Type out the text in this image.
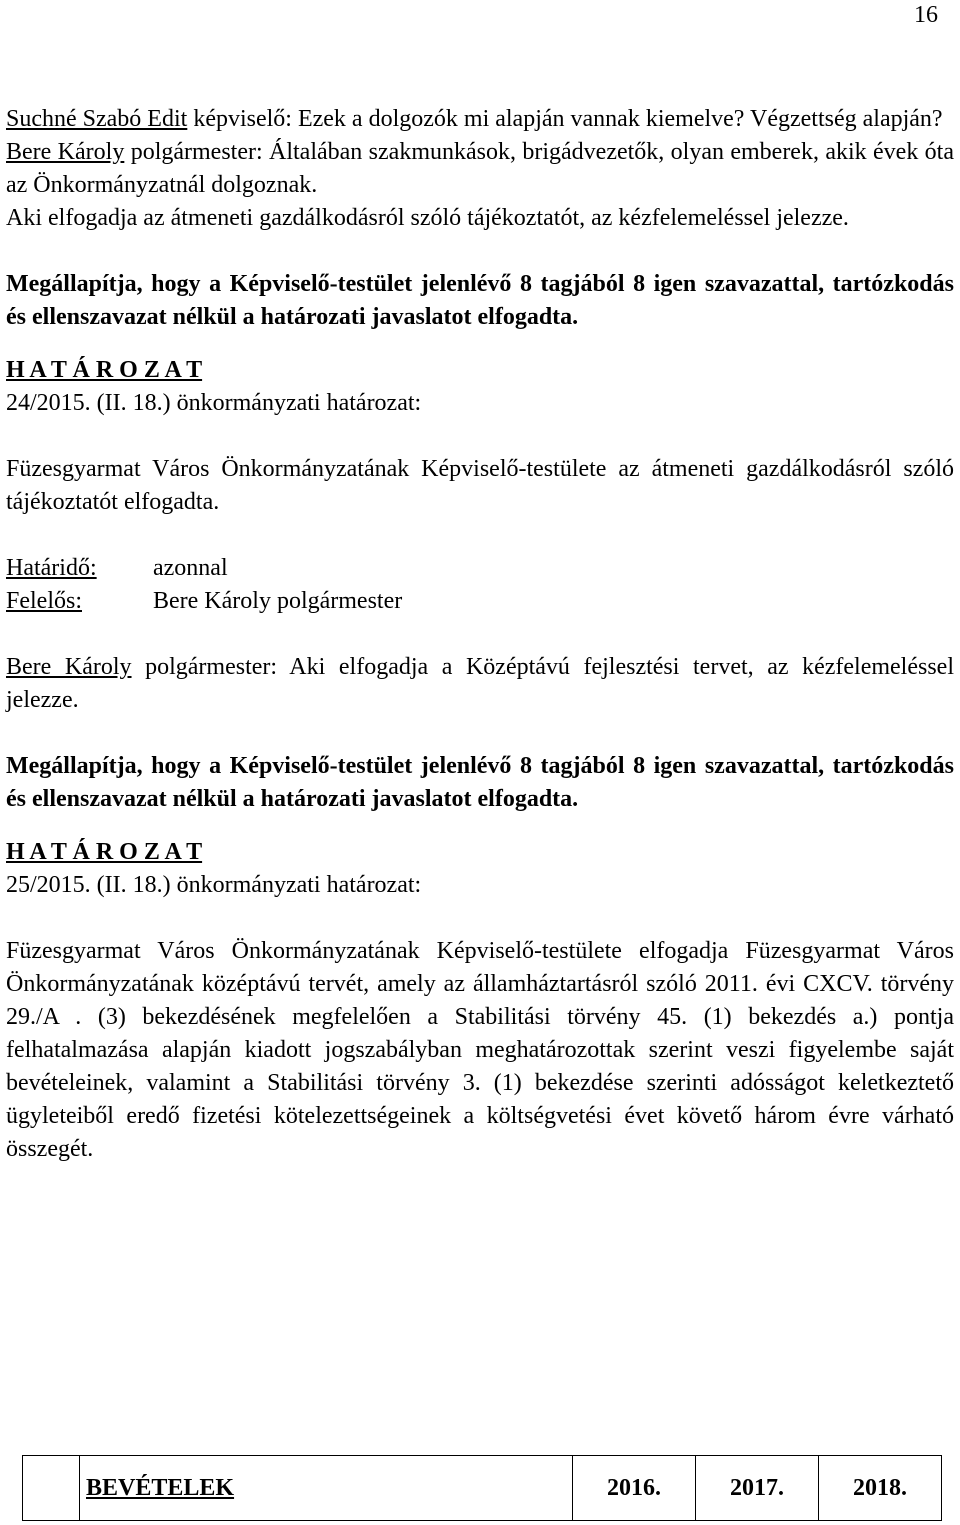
16

Suchné Szabó Edit képviselő: Ezek a dolgozók mi alapján vannak kiemelve? Végzettség alapján?

Bere Károly polgármester: Általában szakmunkások, brigádvezetők, olyan emberek, akik évek óta az Önkormányzatnál dolgoznak.

Aki elfogadja az átmeneti gazdálkodásról szóló tájékoztatót, az kézfelemeléssel jelezze.

Megállapítja, hogy a Képviselő-testület jelenlévő 8 tagjából 8 igen szavazattal, tartózkodás és ellenszavazat nélkül a határozati javaslatot elfogadta.

H A T Á R O Z A T
24/2015. (II. 18.) önkormányzati határozat:

Füzesgyarmat Város Önkormányzatának Képviselő-testülete az átmeneti gazdálkodásról szóló tájékoztatót elfogadta.

Határidő:	azonnal
Felelős:	Bere Károly polgármester

Bere Károly polgármester: Aki elfogadja a Középtávú fejlesztési tervet, az kézfelemeléssel jelezze.

Megállapítja, hogy a Képviselő-testület jelenlévő 8 tagjából 8 igen szavazattal, tartózkodás és ellenszavazat nélkül a határozati javaslatot elfogadta.

H A T Á R O Z A T
25/2015. (II. 18.) önkormányzati határozat:

Füzesgyarmat Város Önkormányzatának Képviselő-testülete elfogadja Füzesgyarmat Város Önkormányzatának középtávú tervét, amely az államháztartásról szóló 2011. évi CXCV. törvény 29./A . (3) bekezdésének megfelelően a Stabilitási törvény 45. (1) bekezdés a.) pontja felhatalmazása alapján kiadott jogszabályban meghatározottak szerint veszi figyelembe saját bevételeinek, valamint a Stabilitási törvény 3. (1) bekezdése szerinti adósságot keletkeztető ügyleteiből eredő fizetési kötelezettségeinek a költségvetési évet követő három évre várható összegét.

	BEVÉTELEK	2016.	2017.	2018.
